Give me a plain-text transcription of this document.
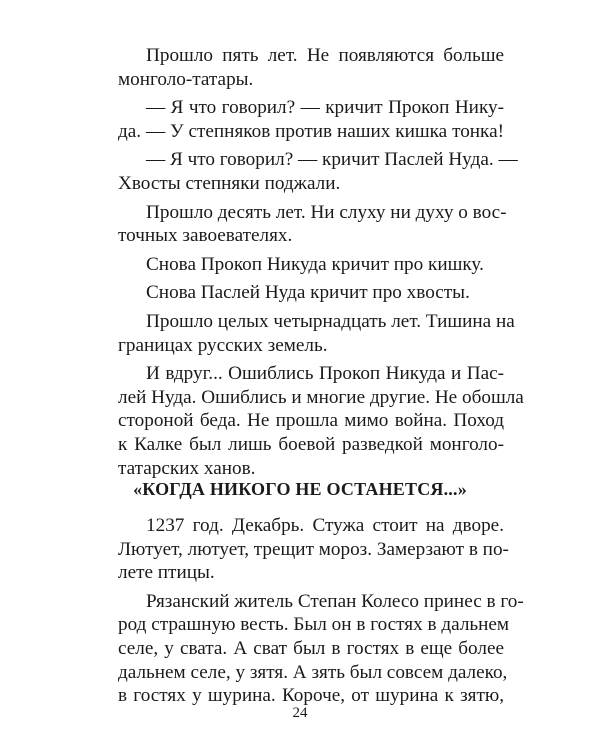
Прошло пять лет. Не появляются больше
монголо-татары.
— Я что говорил? — кричит Прокоп Нику-
да. — У степняков против наших кишка тонка!
— Я что говорил? — кричит Паслей Нуда. —
Хвосты степняки поджали.
Прошло десять лет. Ни слуху ни духу о вос-
точных завоевателях.
Снова Прокоп Никуда кричит про кишку.
Снова Паслей Нуда кричит про хвосты.
Прошло целых четырнадцать лет. Тишина на
границах русских земель.
И вдруг... Ошиблись Прокоп Никуда и Пас-
лей Нуда. Ошиблись и многие другие. Не обошла
стороной беда. Не прошла мимо война. Поход
к Калке был лишь боевой разведкой монголо-
татарских ханов.
«КОГДА НИКОГО НЕ ОСТАНЕТСЯ...»
1237 год. Декабрь. Стужа стоит на дворе.
Лютует, лютует, трещит мороз. Замерзают в по-
лете птицы.
Рязанский житель Степан Колесо принес в го-
род страшную весть. Был он в гостях в дальнем
селе, у свата. А сват был в гостях в еще более
дальнем селе, у зятя. А зять был совсем далеко,
в гостях у шурина. Короче, от шурина к зятю,
24
